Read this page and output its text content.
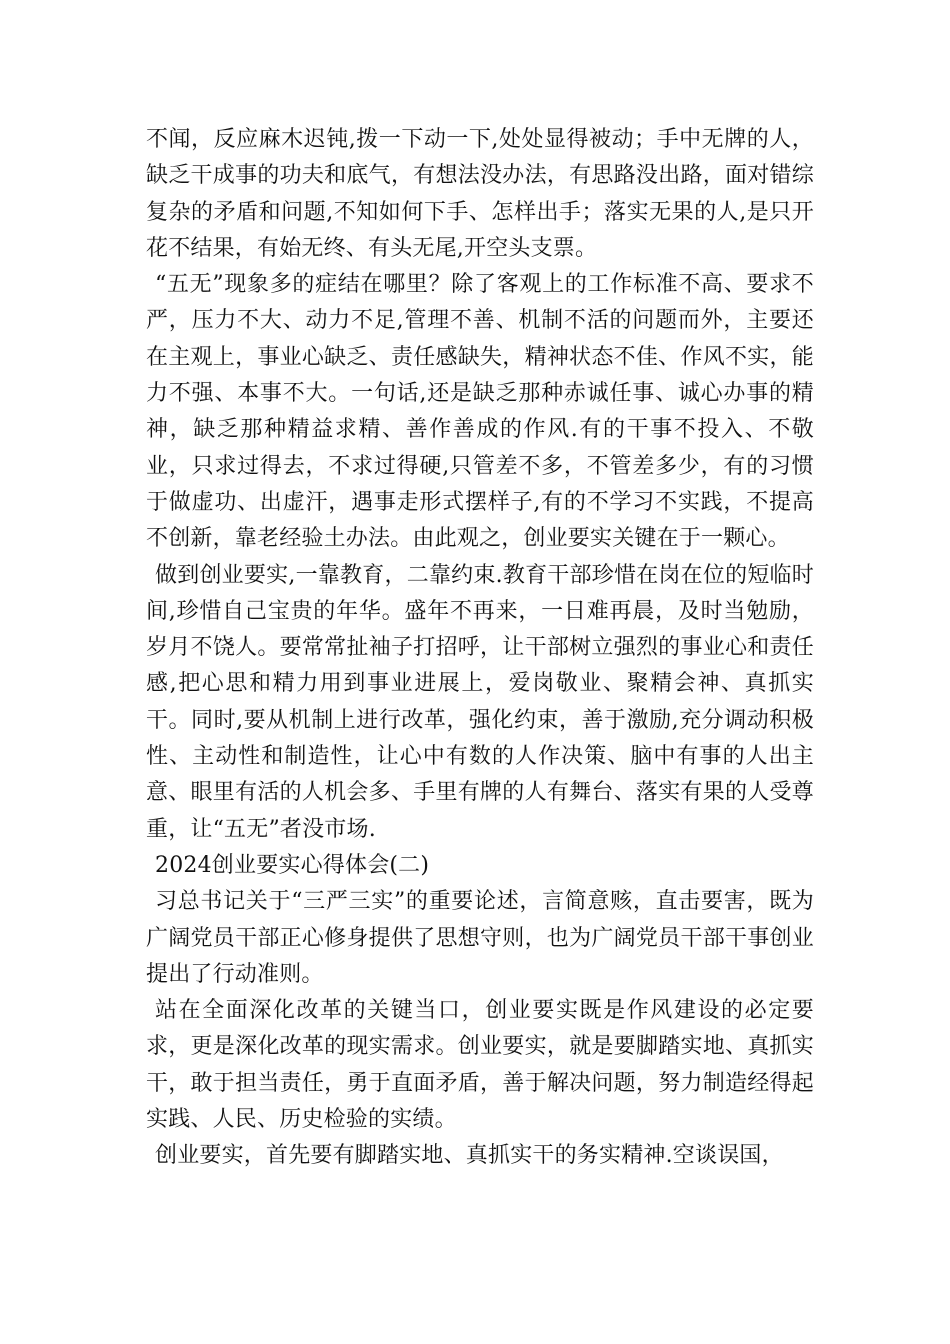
不闻，反应麻木迟钝,拨一下动一下,处处显得被动；手中无牌的人，缺乏干成事的功夫和底气，有想法没办法，有思路没出路，面对错综复杂的矛盾和问题,不知如何下手、怎样出手；落实无果的人,是只开花不结果，有始无终、有头无尾,开空头支票。

“五无”现象多的症结在哪里？除了客观上的工作标准不高、要求不严，压力不大、动力不足,管理不善、机制不活的问题而外，主要还在主观上，事业心缺乏、责任感缺失，精神状态不佳、作风不实，能力不强、本事不大。一句话,还是缺乏那种赤诚任事、诚心办事的精神，缺乏那种精益求精、善作善成的作风.有的干事不投入、不敬业，只求过得去，不求过得硬,只管差不多，不管差多少，有的习惯于做虚功、出虚汗，遇事走形式摆样子,有的不学习不实践，不提高不创新，靠老经验土办法。由此观之，创业要实关键在于一颗心。

做到创业要实,一靠教育，二靠约束.教育干部珍惜在岗在位的短临时间,珍惜自己宝贵的年华。盛年不再来，一日难再晨，及时当勉励，岁月不饶人。要常常扯袖子打招呼，让干部树立强烈的事业心和责任感,把心思和精力用到事业进展上，爱岗敬业、聚精会神、真抓实干。同时,要从机制上进行改革，强化约束，善于激励,充分调动积极性、主动性和制造性，让心中有数的人作决策、脑中有事的人出主意、眼里有活的人机会多、手里有牌的人有舞台、落实有果的人受尊重，让“五无”者没市场.

2024创业要实心得体会(二)

习总书记关于“三严三实”的重要论述，言简意赅，直击要害，既为广阔党员干部正心修身提供了思想守则，也为广阔党员干部干事创业提出了行动准则。

站在全面深化改革的关键当口，创业要实既是作风建设的必定要求，更是深化改革的现实需求。创业要实，就是要脚踏实地、真抓实干，敢于担当责任，勇于直面矛盾，善于解决问题，努力制造经得起实践、人民、历史检验的实绩。

创业要实，首先要有脚踏实地、真抓实干的务实精神.空谈误国，
